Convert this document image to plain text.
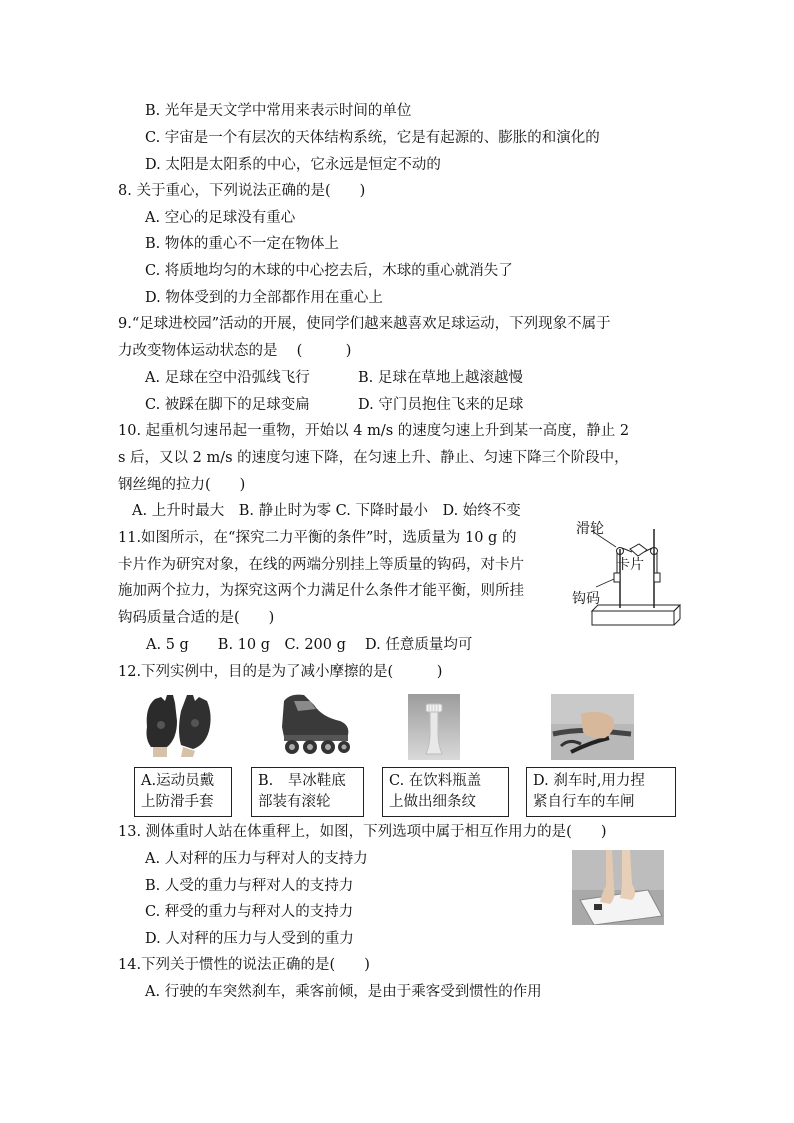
B. 光年是天文学中常用来表示时间的单位
C. 宇宙是一个有层次的天体结构系统，它是有起源的、膨胀的和演化的
D. 太阳是太阳系的中心，它永远是恒定不动的
8. 关于重心，下列说法正确的是(　　)
A. 空心的足球没有重心
B. 物体的重心不一定在物体上
C. 将质地均匀的木球的中心挖去后，木球的重心就消失了
D. 物体受到的力全部都作用在重心上
9.“足球进校园”活动的开展，使同学们越来越喜欢足球运动，下列现象不属于
力改变物体运动状态的是　 (　　　)
A. 足球在空中沿弧线飞行	B. 足球在草地上越滚越慢
C. 被踩在脚下的足球变扁	D. 守门员抱住飞来的足球
10. 起重机匀速吊起一重物，开始以 4 m/s 的速度匀速上升到某一高度，静止 2
s 后，又以 2 m/s 的速度匀速下降，在匀速上升、静止、匀速下降三个阶段中，
钢丝绳的拉力(　　)
A. 上升时最大　B. 静止时为零 C. 下降时最小　D. 始终不变
11.如图所示，在“探究二力平衡的条件”时，选质量为 10 g 的
卡片作为研究对象，在线的两端分别挂上等质量的钩码，对卡片
施加两个拉力，为探究这两个力满足什么条件才能平衡，则所挂
钩码质量合适的是(　　)
A. 5 g　　B. 10 g　C. 200 g　 D. 任意质量均可
滑轮
卡片
钩码
12.下列实例中，目的是为了减小摩擦的是(　　　)
A.运动员戴
上防滑手套
B.　旱冰鞋底
部装有滚轮
C. 在饮料瓶盖
上做出细条纹
D. 刹车时,用力捏
紧自行车的车闸
13. 测体重时人站在体重秤上，如图，下列选项中属于相互作用力的是(　　)
A. 人对秤的压力与秤对人的支持力
B. 人受的重力与秤对人的支持力
C. 秤受的重力与秤对人的支持力
D. 人对秤的压力与人受到的重力
14.下列关于惯性的说法正确的是(　　)
A. 行驶的车突然刹车，乘客前倾，是由于乘客受到惯性的作用
